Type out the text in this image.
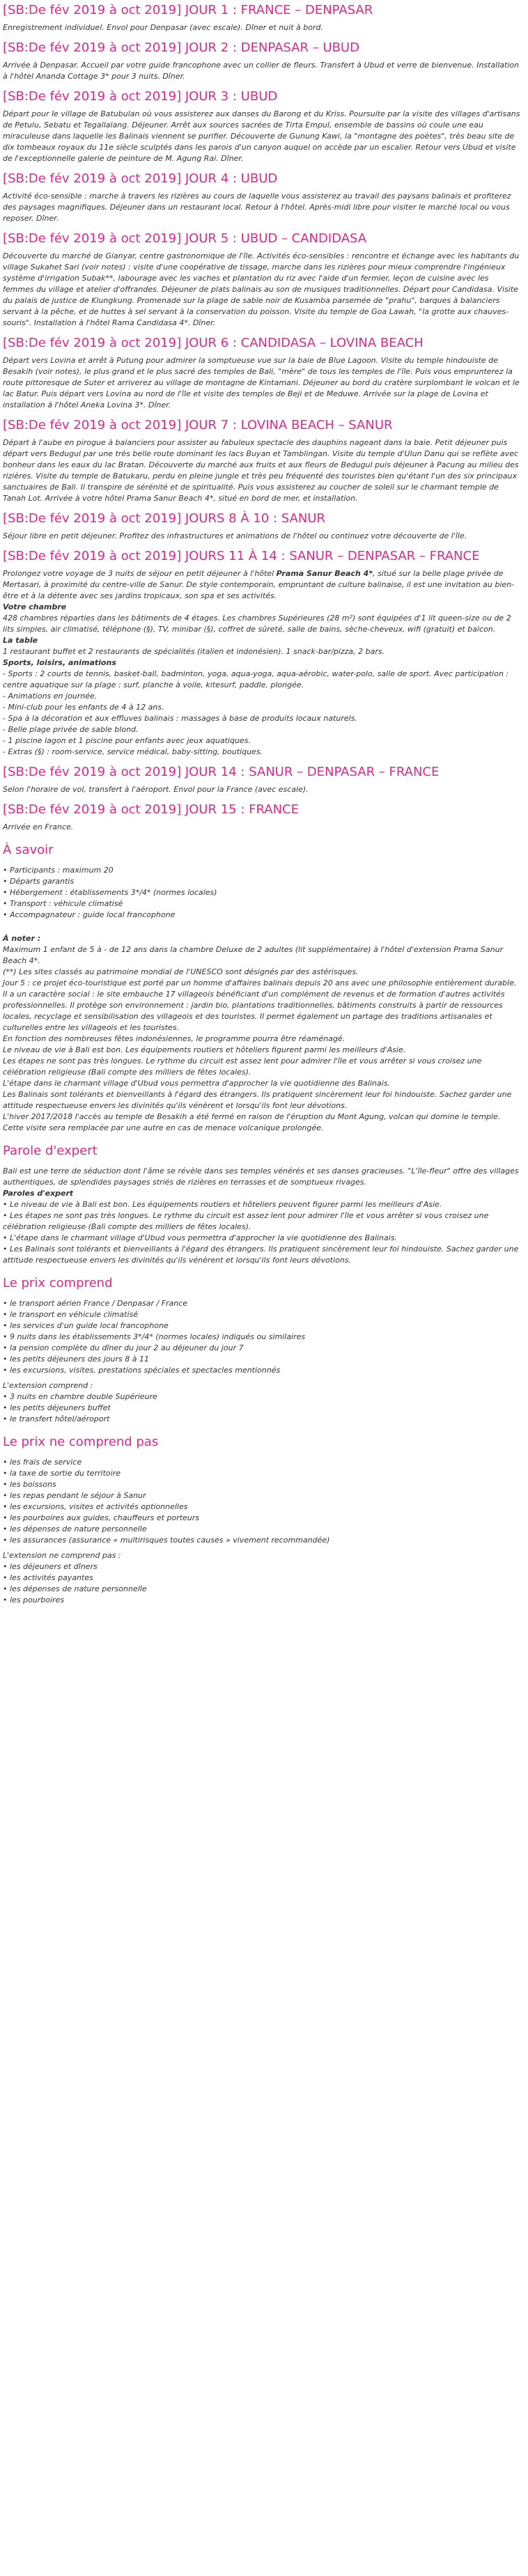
[SB:De fév 2019 à oct 2019] JOUR 1 : FRANCE – DENPASAR

Enregistrement individuel. Envol pour Denpasar (avec escale). Dîner et nuit à bord.

[SB:De fév 2019 à oct 2019] JOUR 2 : DENPASAR – UBUD

Arrivée à Denpasar. Accueil par votre guide francophone avec un collier de fleurs. Transfert à Ubud et verre de bienvenue. Installation à l'hôtel Ananda Cottage 3* pour 3 nuits. Dîner.

[SB:De fév 2019 à oct 2019] JOUR 3 : UBUD

Départ pour le village de Batubulan où vous assisterez aux danses du Barong et du Kriss. Poursuite par la visite des villages d'artisans de Petulu, Sebatu et Tegallalang. Déjeuner. Arrêt aux sources sacrées de Tirta Empul, ensemble de bassins où coule une eau miraculeuse dans laquelle les Balinais viennent se purifier. Découverte de Gunung Kawi, la "montagne des poètes", très beau site de dix tombeaux royaux du 11e siècle sculptés dans les parois d'un canyon auquel on accède par un escalier. Retour vers Ubud et visite de l'exceptionnelle galerie de peinture de M. Agung Rai. Dîner.

[SB:De fév 2019 à oct 2019] JOUR 4 : UBUD

Activité éco-sensible : marche à travers les rizières au cours de laquelle vous assisterez au travail des paysans balinais et profiterez des paysages magnifiques. Déjeuner dans un restaurant local. Retour à l'hôtel. Après-midi libre pour visiter le marché local ou vous reposer. Dîner.

[SB:De fév 2019 à oct 2019] JOUR 5 : UBUD – CANDIDASA

Découverte du marché de Gianyar, centre gastronomique de l'île. Activités éco-sensibles : rencontre et échange avec les habitants du village Sukahet Sari (voir notes) : visite d'une coopérative de tissage, marche dans les rizières pour mieux comprendre l'ingénieux système d'irrigation Subak**, labourage avec les vaches et plantation du riz avec l'aide d'un fermier, leçon de cuisine avec les femmes du village et atelier d'offrandes. Déjeuner de plats balinais au son de musiques traditionnelles. Départ pour Candidasa. Visite du palais de justice de Klungkung. Promenade sur la plage de sable noir de Kusamba parsemée de "prahu", barques à balanciers servant à la pêche, et de huttes à sel servant à la conservation du poisson. Visite du temple de Goa Lawah, "la grotte aux chauves-souris". Installation à l'hôtel Rama Candidasa 4*. Dîner.

[SB:De fév 2019 à oct 2019] JOUR 6 : CANDIDASA – LOVINA BEACH

Départ vers Lovina et arrêt à Putung pour admirer la somptueuse vue sur la baie de Blue Lagoon. Visite du temple hindouiste de Besakih (voir notes), le plus grand et le plus sacré des temples de Bali, "mère" de tous les temples de l'île. Puis vous emprunterez la route pittoresque de Suter et arriverez au village de montagne de Kintamani. Déjeuner au bord du cratère surplombant le volcan et le lac Batur. Puis départ vers Lovina au nord de l'île et visite des temples de Beji et de Meduwe. Arrivée sur la plage de Lovina et installation à l'hôtel Aneka Lovina 3*. Dîner.

[SB:De fév 2019 à oct 2019] JOUR 7 : LOVINA BEACH – SANUR

Départ à l'aube en pirogue à balanciers pour assister au fabuleux spectacle des dauphins nageant dans la baie. Petit déjeuner puis départ vers Bedugul par une très belle route dominant les lacs Buyan et Tamblingan. Visite du temple d'Ulun Danu qui se reflète avec bonheur dans les eaux du lac Bratan. Découverte du marché aux fruits et aux fleurs de Bedugul puis déjeuner à Pacung au milieu des rizières. Visite du temple de Batukaru, perdu en pleine jungle et très peu fréquenté des touristes bien qu'étant l'un des six principaux sanctuaires de Bali. Il transpire de sérénité et de spiritualité. Puis vous assisterez au coucher de soleil sur le charmant temple de Tanah Lot. Arrivée à votre hôtel Prama Sanur Beach 4*, situé en bord de mer, et installation.

[SB:De fév 2019 à oct 2019] JOURS 8 À 10 : SANUR

Séjour libre en petit déjeuner. Profitez des infrastructures et animations de l'hôtel ou continuez votre découverte de l'île.

[SB:De fév 2019 à oct 2019] JOURS 11 À 14 : SANUR – DENPASAR – FRANCE

Prolongez votre voyage de 3 nuits de séjour en petit déjeuner à l'hôtel Prama Sanur Beach 4*, situé sur la belle plage privée de Mertasari, à proximité du centre-ville de Sanur. De style contemporain, empruntant de culture balinaise, il est une invitation au bien-être et à la détente avec ses jardins tropicaux, son spa et ses activités.

Votre chambre

428 chambres réparties dans les bâtiments de 4 étages. Les chambres Supérieures (28 m²) sont équipées d'1 lit queen-size ou de 2 lits simples, air climatisé, téléphone (§), TV, minibar (§), coffret de sûreté, salle de bains, sèche-cheveux, wifi (gratuit) et balcon.

La table

1 restaurant buffet et 2 restaurants de spécialités (italien et indonésien). 1 snack-bar/pizza, 2 bars.

Sports, loisirs, animations

- Sports : 2 courts de tennis, basket-ball, badminton, yoga, aqua-yoga, aqua-aérobic, water-polo, salle de sport. Avec participation : centre aquatique sur la plage : surf, planche à voile, kitesurf, paddle, plongée.

- Animations en journée.

- Mini-club pour les enfants de 4 à 12 ans.

- Spa à la décoration et aux effluves balinais : massages à base de produits locaux naturels.

- Belle plage privée de sable blond.

- 1 piscine lagon et 1 piscine pour enfants avec jeux aquatiques.

- Extras (§) : room-service, service médical, baby-sitting, boutiques.

[SB:De fév 2019 à oct 2019] JOUR 14 : SANUR – DENPASAR – FRANCE

Selon l'horaire de vol, transfert à l'aéroport. Envol pour la France (avec escale).

[SB:De fév 2019 à oct 2019] JOUR 15 : FRANCE

Arrivée en France.

À savoir
• Participants : maximum 20
• Départs garantis
• Hébergement : établissements 3*/4* (normes locales)
• Transport : véhicule climatisé
• Accompagnateur : guide local francophone

À noter :

Maximum 1 enfant de 5 à - de 12 ans dans la chambre Deluxe de 2 adultes (lit supplémentaire) à l'hôtel d'extension Prama Sanur Beach 4*.

(**) Les sites classés au patrimoine mondial de l'UNESCO sont désignés par des astérisques.

Jour 5 : ce projet éco-touristique est porté par un homme d'affaires balinais depuis 20 ans avec une philosophie entièrement durable. Il a un caractère social : le site embauche 17 villageois bénéficiant d'un complément de revenus et de formation d'autres activités professionnelles. Il protège son environnement : jardin bio, plantations traditionnelles, bâtiments construits à partir de ressources locales, recyclage et sensibilisation des villageois et des touristes. Il permet également un partage des traditions artisanales et culturelles entre les villageois et les touristes.

En fonction des nombreuses fêtes indonésiennes, le programme pourra être réaménagé.

Le niveau de vie à Bali est bon. Les équipements routiers et hôteliers figurent parmi les meilleurs d'Asie.

Les étapes ne sont pas très longues. Le rythme du circuit est assez lent pour admirer l'île et vous arrêter si vous croisez une célébration religieuse (Bali compte des milliers de fêtes locales).

L'étape dans le charmant village d'Ubud vous permettra d'approcher la vie quotidienne des Balinais.

Les Balinais sont tolérants et bienveillants à l'égard des étrangers. Ils pratiquent sincèrement leur foi hindouiste. Sachez garder une attitude respectueuse envers les divinités qu'ils vénèrent et lorsqu'ils font leur dévotions.

L'hiver 2017/2018 l'accès au temple de Besakih a été fermé en raison de l'éruption du Mont Agung, volcan qui domine le temple. Cette visite sera remplacée par une autre en cas de menace volcanique prolongée.

Parole d'expert

Bali est une terre de séduction dont l'âme se révèle dans ses temples vénérés et ses danses gracieuses. "L'île-fleur" offre des villages authentiques, de splendides paysages striés de rizières en terrasses et de somptueux rivages.

Paroles d'expert

• Le niveau de vie à Bali est bon. Les équipements routiers et hôteliers peuvent figurer parmi les meilleurs d'Asie.
• Les étapes ne sont pas très longues. Le rythme du circuit est assez lent pour admirer l'île et vous arrêter si vous croisez une célébration religieuse (Bali compte des milliers de fêtes locales).
• L'étape dans le charmant village d'Ubud vous permettra d'approcher la vie quotidienne des Balinais.
• Les Balinais sont tolérants et bienveillants à l'égard des étrangers. Ils pratiquent sincèrement leur foi hindouiste. Sachez garder une attitude respectueuse envers les divinités qu'ils vénèrent et lorsqu'ils font leurs dévotions.
Le prix comprend
• le transport aérien France / Denpasar / France
• le transport en véhicule climatisé
• les services d'un guide local francophone
• 9 nuits dans les établissements 3*/4* (normes locales) indiqués ou similaires
• la pension complète du dîner du jour 2 au déjeuner du jour 7
• les petits déjeuners des jours 8 à 11
• les excursions, visites, prestations spéciales et spectacles mentionnés

L'extension comprend :

• 3 nuits en chambre double Supérieure
• les petits déjeuners buffet
• le transfert hôtel/aéroport
Le prix ne comprend pas
• les frais de service
• la taxe de sortie du territoire
• les boissons
• les repas pendant le séjour à Sanur
• les excursions, visites et activités optionnelles
• les pourboires aux guides, chauffeurs et porteurs
• les dépenses de nature personnelle
• les assurances (assurance « multirisques toutes causes » vivement recommandée)

L'extension ne comprend pas :

• les déjeuners et dîners
• les activités payantes
• les dépenses de nature personnelle
• les pourboires
